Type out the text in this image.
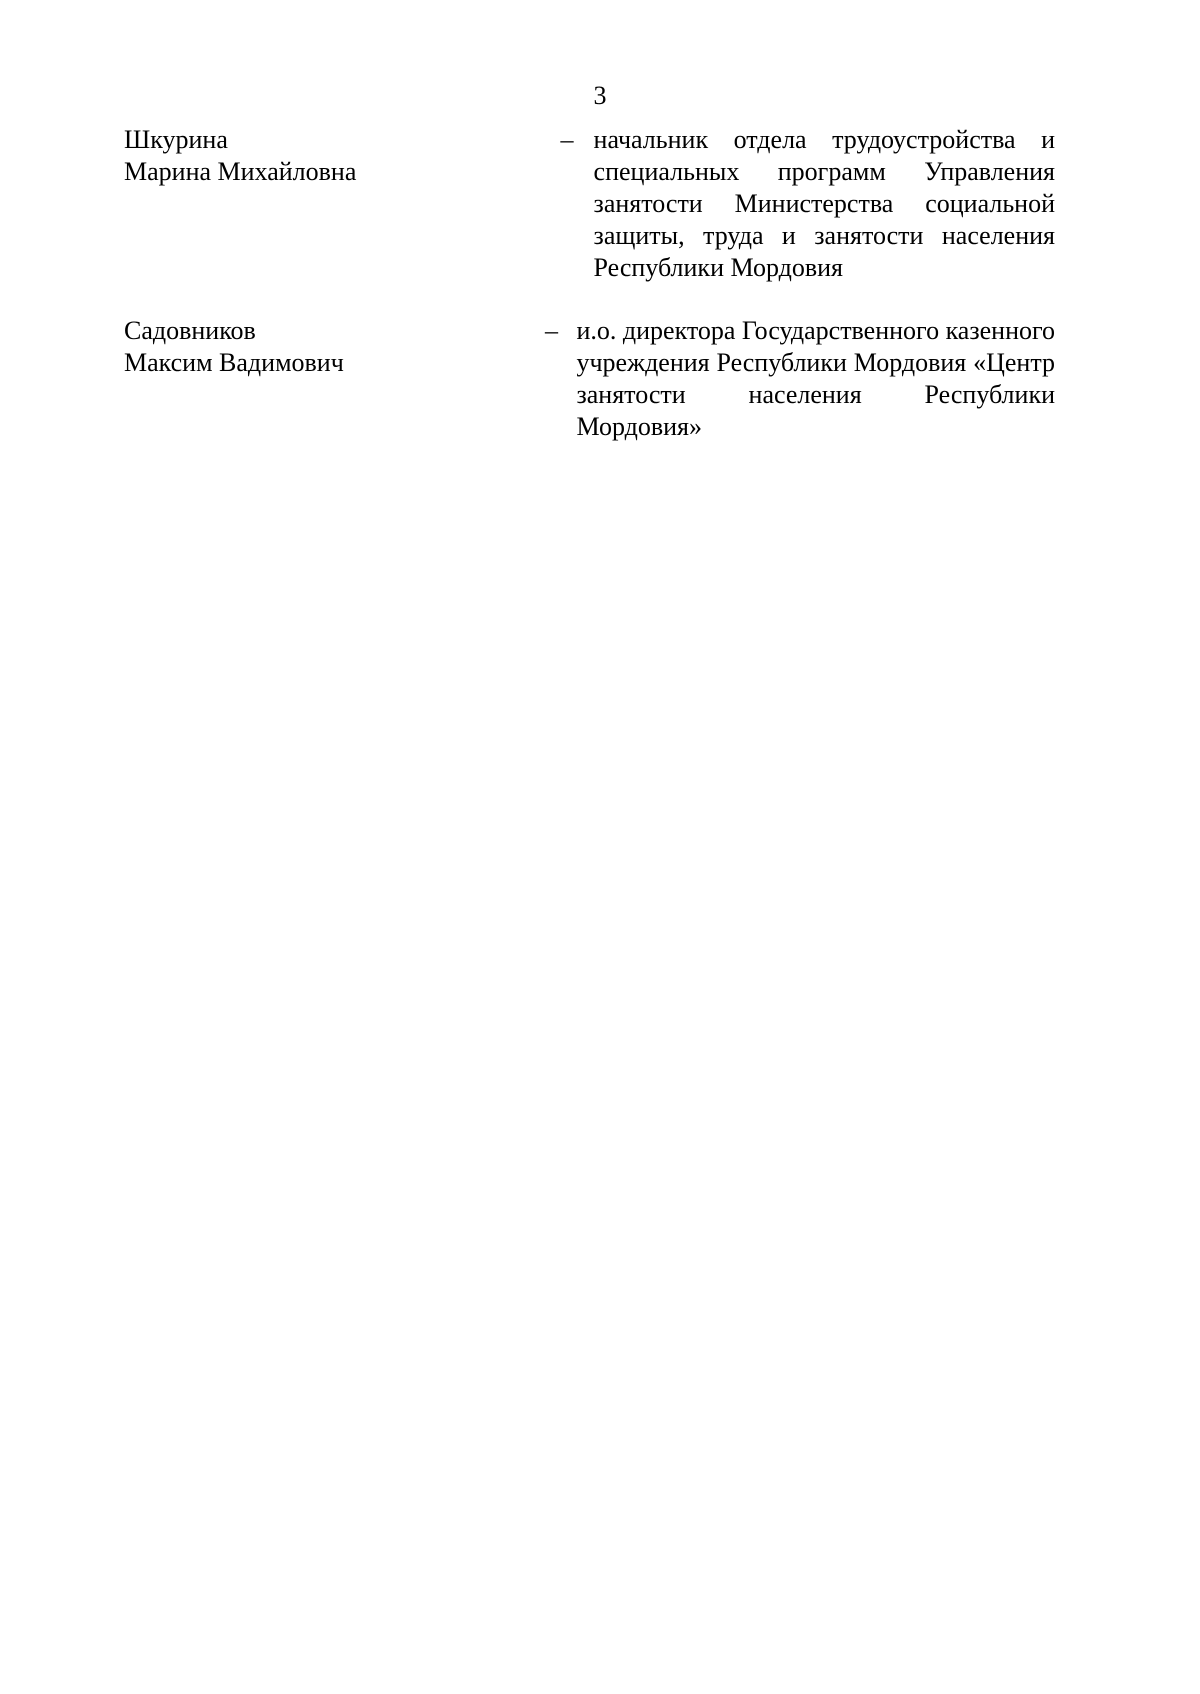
3
Шкурина
Марина Михайловна
– начальник отдела трудоустройства и
специальных программ Управления
занятости Министерства социальной
защиты, труда и занятости населения
Республики Мордовия
Садовников
Максим Вадимович
– и.о. директора Государственного казенного
учреждения Республики Мордовия «Центр
занятости населения Республики
Мордовия»
